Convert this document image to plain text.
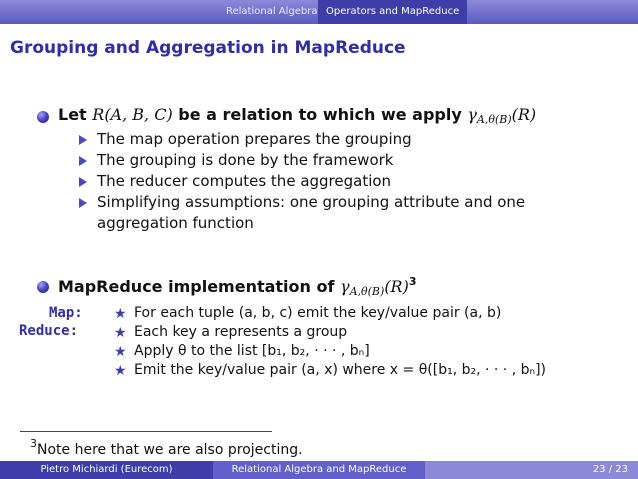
Relational Algebra Operators and MapReduce
Grouping and Aggregation in MapReduce
Let R(A, B, C) be a relation to which we apply $\gamma_{A,\theta(B)}(R)$
The map operation prepares the grouping
The grouping is done by the framework
The reducer computes the aggregation
Simplifying assumptions: one grouping attribute and one
aggregation function
MapReduce implementation of $\gamma_{A,\theta(B)}(R)^3$
Map:
Reduce:
★ For each tuple (a, b, c) emit the key/value pair (a, b)
★ Each key a represents a group
★ Apply θ to the list [b₁, b₂, · · · , bₙ]
★ Emit the key/value pair (a, x) where x = θ([b₁, b₂, · · · , bₙ])
$^3$Note here that we are also projecting.
Pietro Michiardi (Eurecom)	Relational Algebra and MapReduce	23 / 23
